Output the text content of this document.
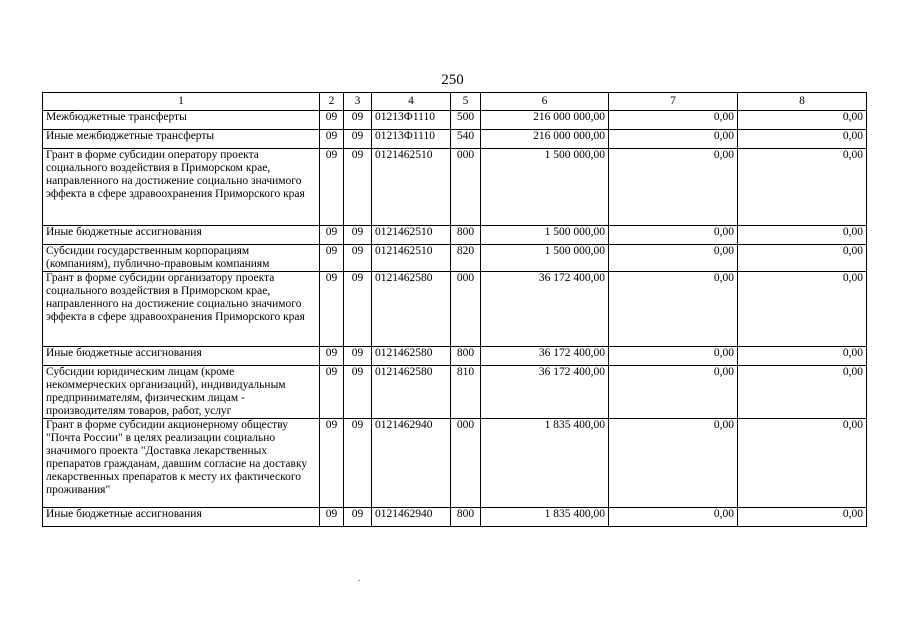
250
1	2	3	4	5	6	7	8
Межбюджетные трансферты	09	09	01213Ф1110	500	216 000 000,00	0,00	0,00
Иные межбюджетные трансферты	09	09	01213Ф1110	540	216 000 000,00	0,00	0,00
Грант в форме субсидии оператору проекта социального воздействия в Приморском крае, направленного на достижение социально значимого эффекта в сфере здравоохранения Приморского края	09	09	0121462510	000	1 500 000,00	0,00	0,00
Иные бюджетные ассигнования	09	09	0121462510	800	1 500 000,00	0,00	0,00
Субсидии государственным корпорациям (компаниям), публично-правовым компаниям	09	09	0121462510	820	1 500 000,00	0,00	0,00
Грант в форме субсидии организатору проекта социального воздействия в Приморском крае, направленного на достижение социально значимого эффекта в сфере здравоохранения Приморского края	09	09	0121462580	000	36 172 400,00	0,00	0,00
Иные бюджетные ассигнования	09	09	0121462580	800	36 172 400,00	0,00	0,00
Субсидии юридическим лицам (кроме некоммерческих организаций), индивидуальным предпринимателям, физическим лицам - производителям товаров, работ, услуг	09	09	0121462580	810	36 172 400,00	0,00	0,00
Грант в форме субсидии акционерному обществу "Почта России" в целях реализации социально значимого проекта "Доставка лекарственных препаратов гражданам, давшим согласие на доставку лекарственных препаратов к месту их фактического проживания"	09	09	0121462940	000	1 835 400,00	0,00	0,00
Иные бюджетные ассигнования	09	09	0121462940	800	1 835 400,00	0,00	0,00
